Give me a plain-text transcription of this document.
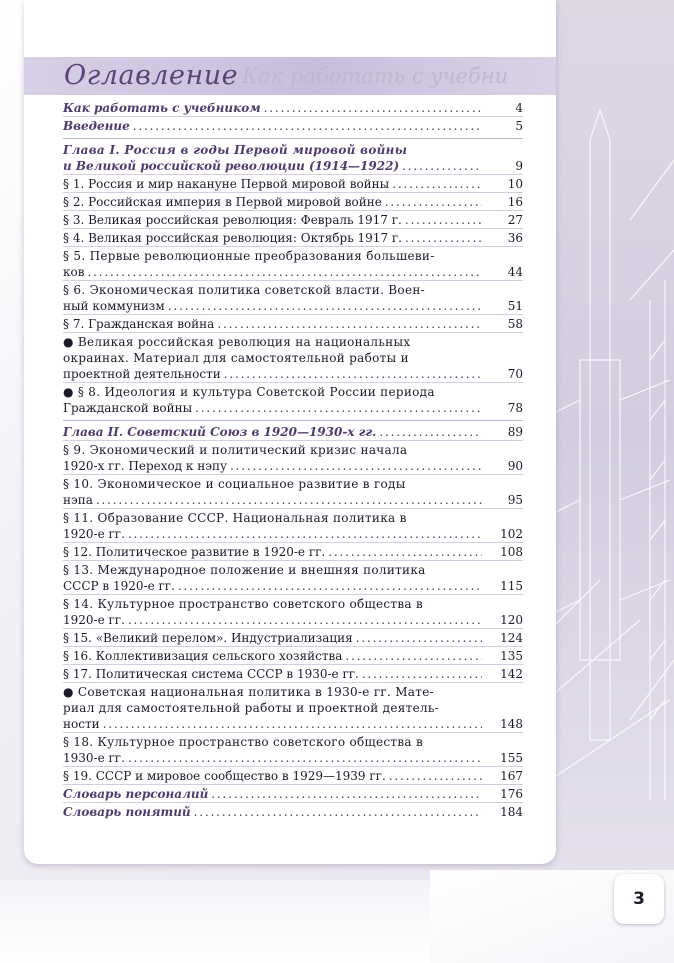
Как работать с учебни
Оглавление
Как работать с учебником . . .	4
Введение . . .	5
Глава I. Россия в годы Первой мировой войны
и Великой российской революции (1914—1922) . . .	9
§ 1. Россия и мир накануне Первой мировой войны . . .	10
§ 2. Российская империя в Первой мировой войне . . .	16
§ 3. Великая российская революция: Февраль 1917 г. . . .	27
§ 4. Великая российская революция: Октябрь 1917 г. . . .	36
§ 5. Первые революционные преобразования большеви-
ков . . .	44
§ 6. Экономическая политика советской власти. Воен-
ный коммунизм . . .	51
§ 7. Гражданская война . . .	58
● Великая российская революция на национальных
окраинах. Материал для самостоятельной работы и
проектной деятельности . . .	70
● § 8. Идеология и культура Советской России периода
Гражданской войны . . .	78
Глава II. Советский Союз в 1920—1930-х гг. . . .	89
§ 9. Экономический и политический кризис начала
1920-х гг. Переход к нэпу . . .	90
§ 10. Экономическое и социальное развитие в годы
нэпа . . .	95
§ 11. Образование СССР. Национальная политика в
1920-е гг. . . .	102
§ 12. Политическое развитие в 1920-е гг. . . .	108
§ 13. Международное положение и внешняя политика
СССР в 1920-е гг. . . .	115
§ 14. Культурное пространство советского общества в
1920-е гг. . . .	120
§ 15. «Великий перелом». Индустриализация . . .	124
§ 16. Коллективизация сельского хозяйства . . .	135
§ 17. Политическая система СССР в 1930-е гг. . . .	142
● Советская национальная политика в 1930-е гг. Мате-
риал для самостоятельной работы и проектной деятель-
ности . . .	148
§ 18. Культурное пространство советского общества в
1930-е гг. . . .	155
§ 19. СССР и мировое сообщество в 1929—1939 гг. . . .	167
Словарь персоналий . . .	176
Словарь понятий . . .	184
3
